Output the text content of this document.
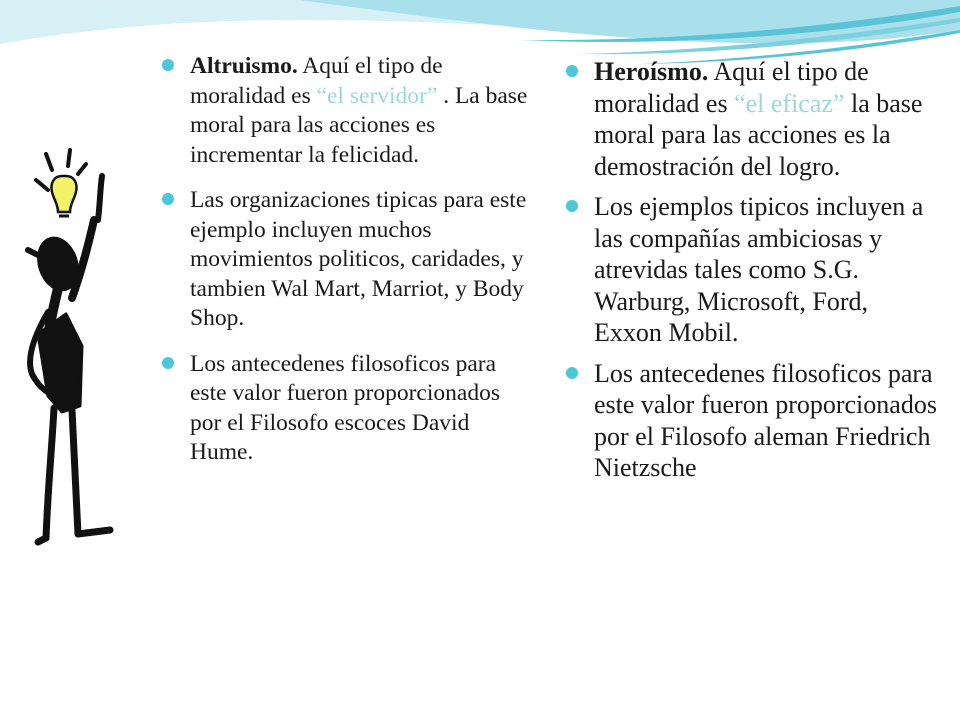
Altruismo. Aquí el tipo de moralidad es “el servidor” . La base moral para las acciones es incrementar la felicidad.
Las organizaciones tipicas para este ejemplo incluyen muchos movimientos politicos, caridades, y tambien Wal Mart, Marriot, y Body Shop.
Los antecedenes filosoficos para este valor fueron proporcionados por el Filosofo escoces David Hume.
Heroísmo. Aquí el tipo de moralidad es “el eficaz” la base moral para las acciones es la demostración del logro.
Los ejemplos tipicos incluyen a las compañías ambiciosas y atrevidas tales como S.G. Warburg, Microsoft, Ford, Exxon Mobil.
Los antecedenes filosoficos para este valor fueron proporcionados por el Filosofo aleman Friedrich Nietzsche
